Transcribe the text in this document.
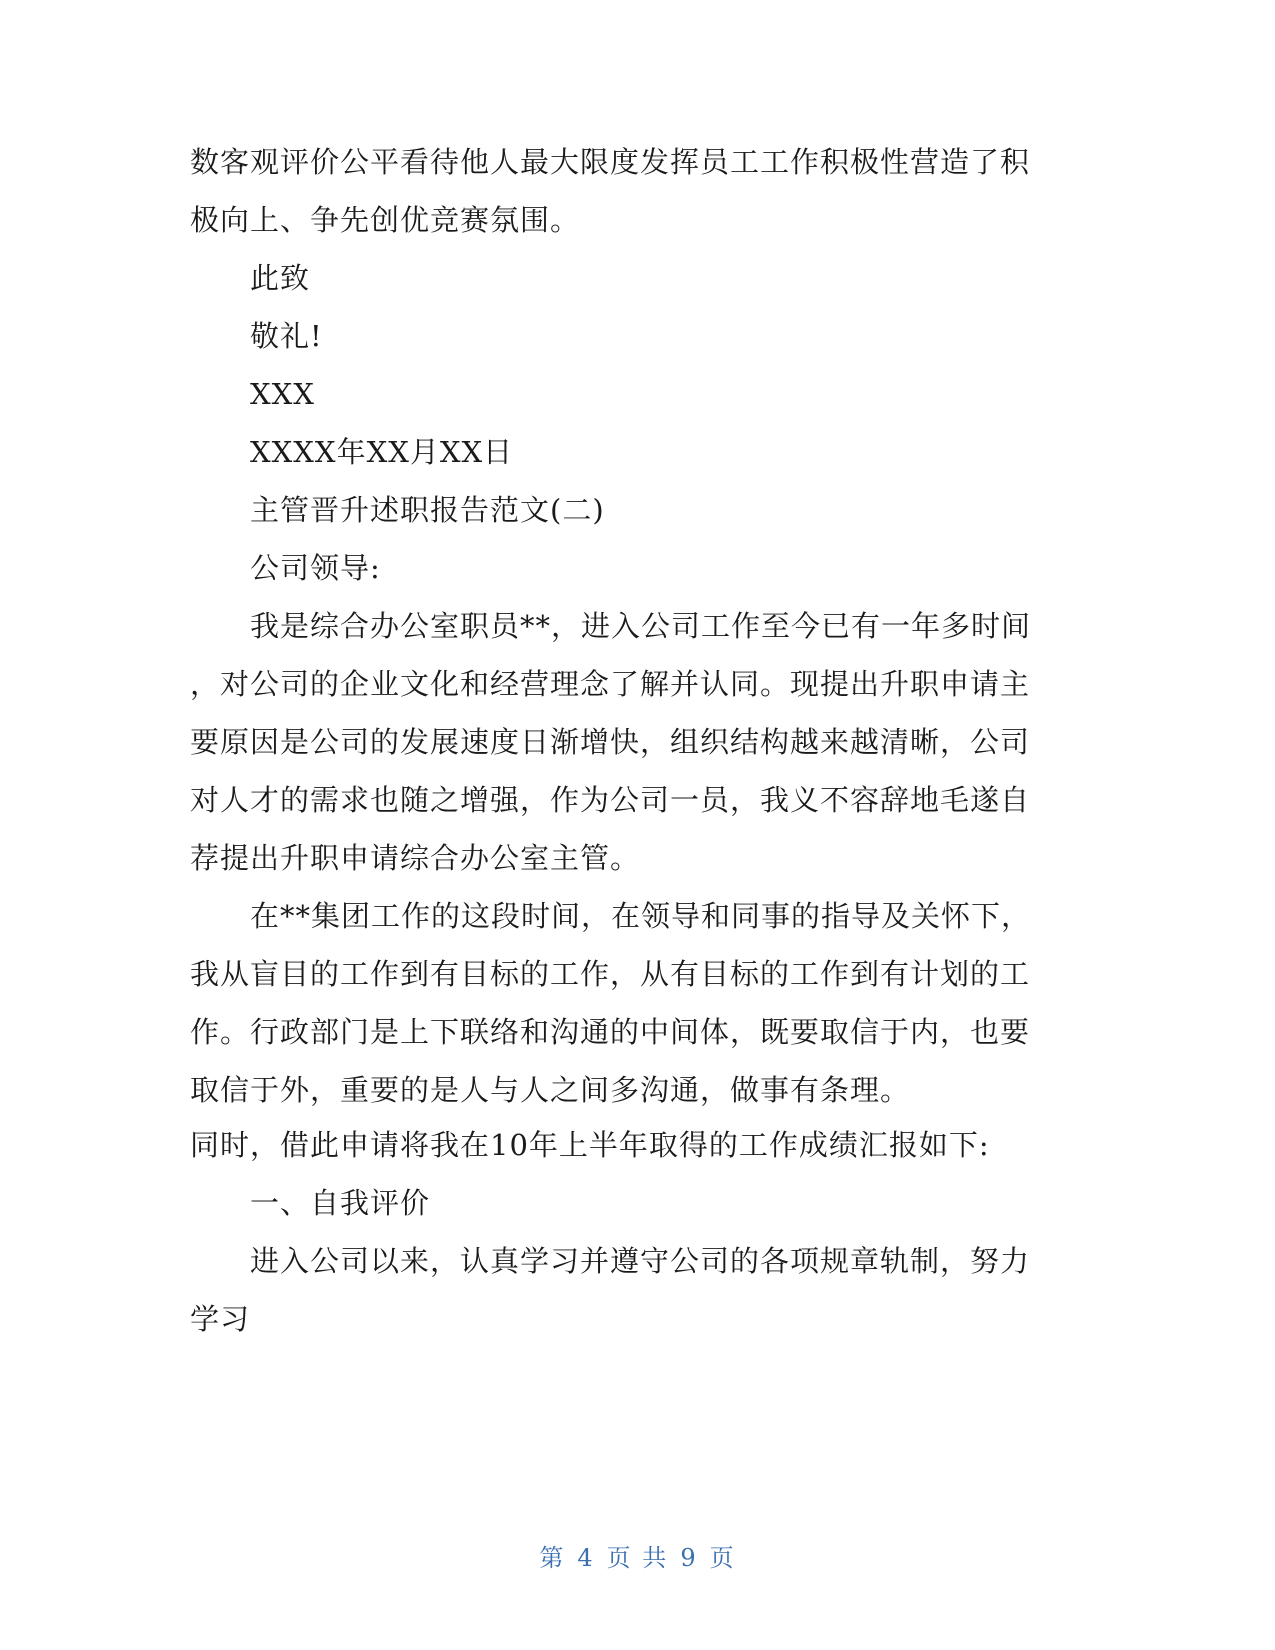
数客观评价公平看待他人最大限度发挥员工工作积极性营造了积
极向上、争先创优竞赛氛围。
此致
敬礼!
XXX
XXXX年XX月XX日
主管晋升述职报告范文(二)
公司领导:
我是综合办公室职员**，进入公司工作至今已有一年多时间
，对公司的企业文化和经营理念了解并认同。现提出升职申请主
要原因是公司的发展速度日渐增快，组织结构越来越清晰，公司
对人才的需求也随之增强，作为公司一员，我义不容辞地毛遂自
荐提出升职申请综合办公室主管。
在**集团工作的这段时间，在领导和同事的指导及关怀下，
我从盲目的工作到有目标的工作，从有目标的工作到有计划的工
作。行政部门是上下联络和沟通的中间体，既要取信于内，也要
取信于外，重要的是人与人之间多沟通，做事有条理。
同时，借此申请将我在10年上半年取得的工作成绩汇报如下:
一、自我评价
进入公司以来，认真学习并遵守公司的各项规章轨制，努力
学习
第 4 页 共 9 页
